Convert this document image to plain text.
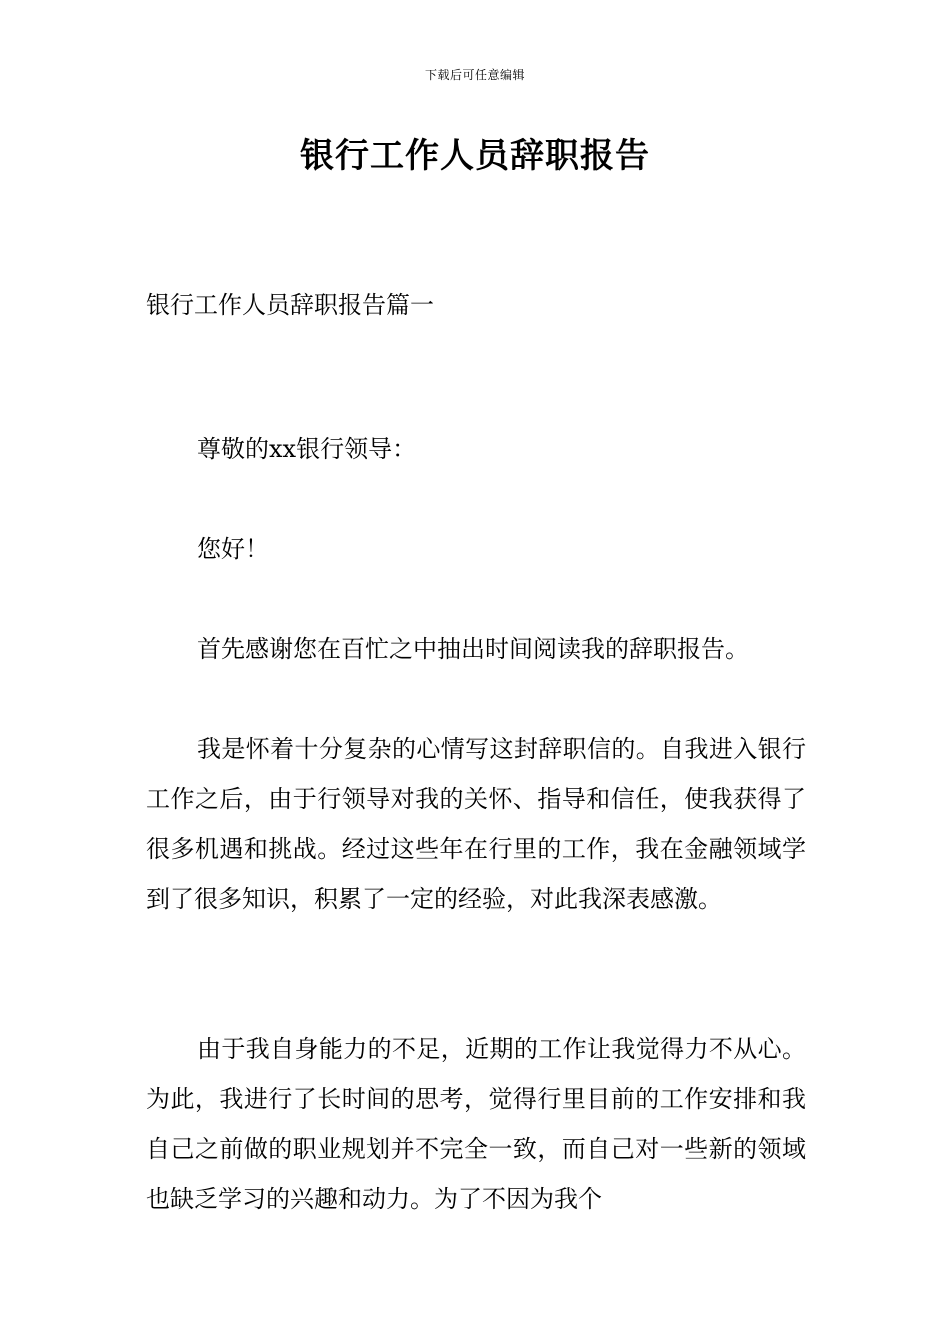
下载后可任意编辑
银行工作人员辞职报告

银行工作人员辞职报告篇一

尊敬的xx银行领导：

您好！

首先感谢您在百忙之中抽出时间阅读我的辞职报告。

我是怀着十分复杂的心情写这封辞职信的。自我进入银行工作之后，由于行领导对我的关怀、指导和信任，使我获得了很多机遇和挑战。经过这些年在行里的工作，我在金融领域学到了很多知识，积累了一定的经验，对此我深表感激。

由于我自身能力的不足，近期的工作让我觉得力不从心。为此，我进行了长时间的思考，觉得行里目前的工作安排和我自己之前做的职业规划并不完全一致，而自己对一些新的领域也缺乏学习的兴趣和动力。为了不因为我个
